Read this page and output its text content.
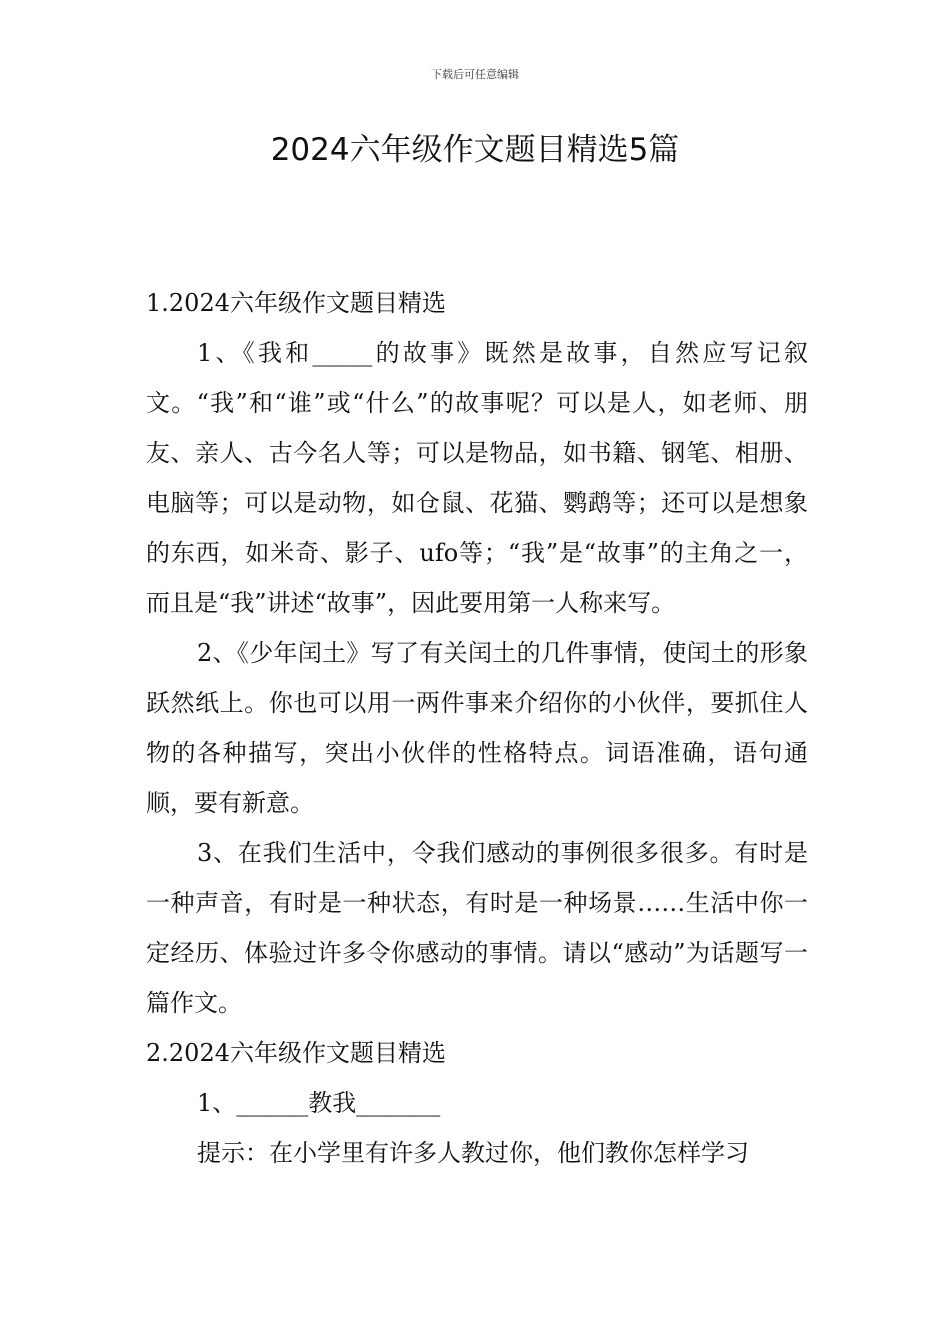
下载后可任意编辑
2024六年级作文题目精选5篇

1.2024六年级作文题目精选

1、《我和_____的故事》既然是故事，自然应写记叙文。“我”和“谁”或“什么”的故事呢？可以是人，如老师、朋友、亲人、古今名人等；可以是物品，如书籍、钢笔、相册、电脑等；可以是动物，如仓鼠、花猫、鹦鹉等；还可以是想象的东西，如米奇、影子、ufo等；“我”是“故事”的主角之一，而且是“我”讲述“故事”，因此要用第一人称来写。

2、《少年闰土》写了有关闰土的几件事情，使闰土的形象跃然纸上。你也可以用一两件事来介绍你的小伙伴，要抓住人物的各种描写，突出小伙伴的性格特点。词语准确，语句通顺，要有新意。

3、在我们生活中，令我们感动的事例很多很多。有时是一种声音，有时是一种状态，有时是一种场景……生活中你一定经历、体验过许多令你感动的事情。请以“感动”为话题写一篇作文。

2.2024六年级作文题目精选

1、______教我_______

提示：在小学里有许多人教过你，他们教你怎样学习
